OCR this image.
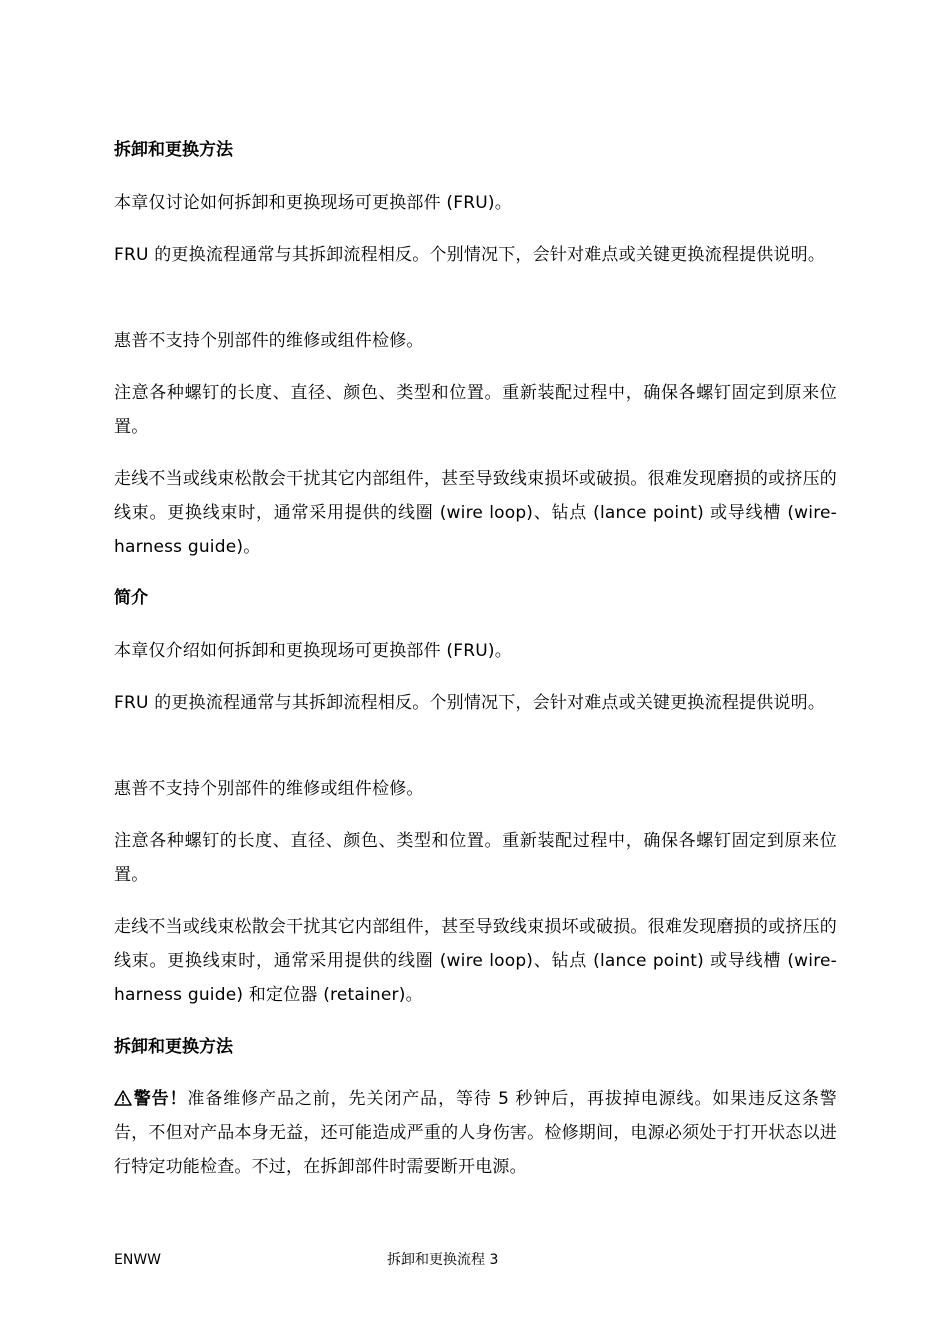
拆卸和更换方法
本章仅讨论如何拆卸和更换现场可更换部件 (FRU)。
FRU 的更换流程通常与其拆卸流程相反。个别情况下，会针对难点或关键更换流程提供说明。
惠普不支持个别部件的维修或组件检修。
注意各种螺钉的长度、直径、颜色、类型和位置。重新装配过程中，确保各螺钉固定到原来位置。
走线不当或线束松散会干扰其它内部组件，甚至导致线束损坏或破损。很难发现磨损的或挤压的线束。更换线束时，通常采用提供的线圈 (wire loop)、钻点 (lance point) 或导线槽 (wire-harness guide)。
简介
本章仅介绍如何拆卸和更换现场可更换部件 (FRU)。
FRU 的更换流程通常与其拆卸流程相反。个别情况下，会针对难点或关键更换流程提供说明。
惠普不支持个别部件的维修或组件检修。
注意各种螺钉的长度、直径、颜色、类型和位置。重新装配过程中，确保各螺钉固定到原来位置。
走线不当或线束松散会干扰其它内部组件，甚至导致线束损坏或破损。很难发现磨损的或挤压的线束。更换线束时，通常采用提供的线圈 (wire loop)、钻点 (lance point) 或导线槽 (wire-harness guide) 和定位器 (retainer)。
拆卸和更换方法
警告！准备维修产品之前，先关闭产品，等待 5 秒钟后，再拔掉电源线。如果违反这条警告，不但对产品本身无益，还可能造成严重的人身伤害。检修期间，电源必须处于打开状态以进行特定功能检查。不过，在拆卸部件时需要断开电源。
ENWW	拆卸和更换流程 3
